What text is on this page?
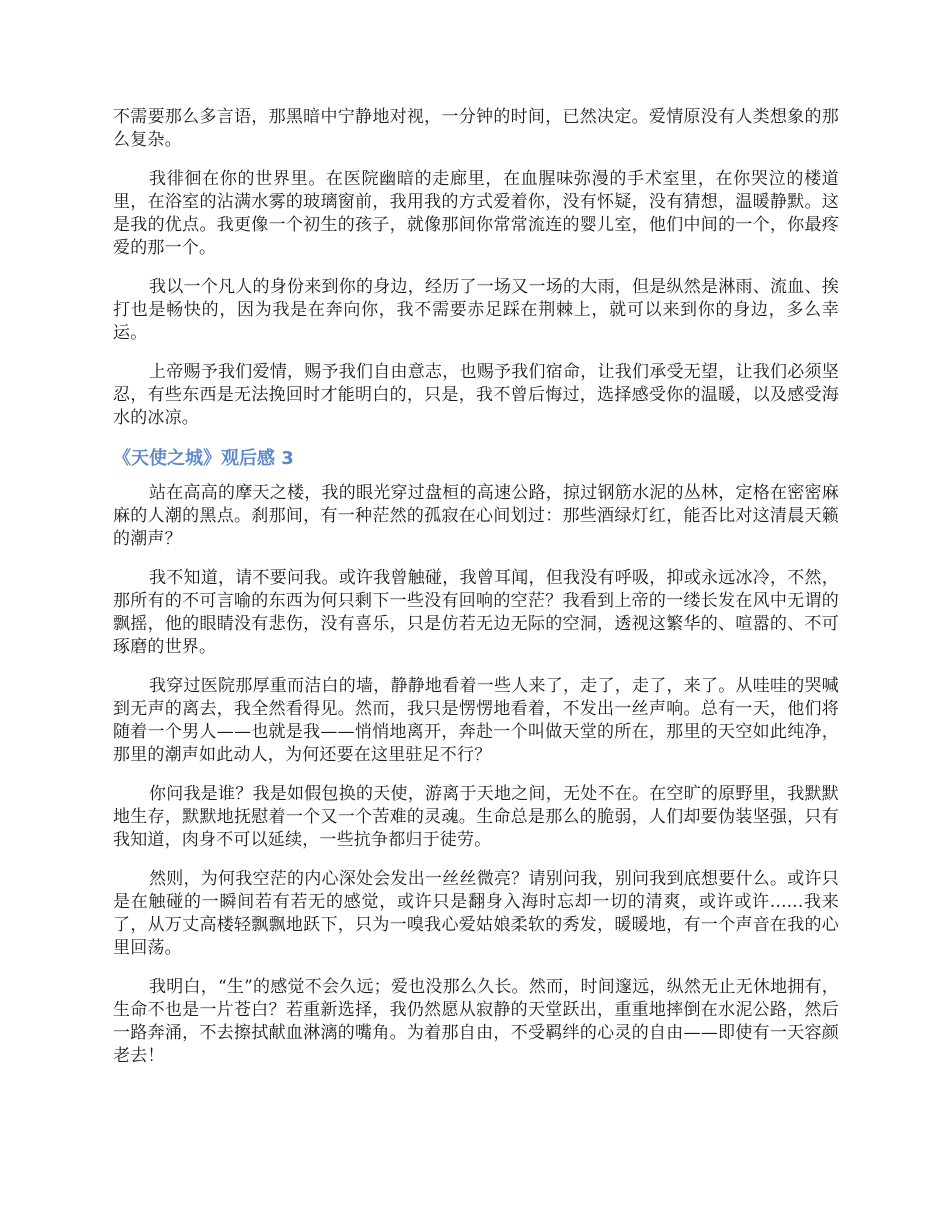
不需要那么多言语，那黑暗中宁静地对视，一分钟的时间，已然决定。爱情原没有人类想象的那么复杂。

我徘徊在你的世界里。在医院幽暗的走廊里，在血腥味弥漫的手术室里，在你哭泣的楼道里，在浴室的沾满水雾的玻璃窗前，我用我的方式爱着你，没有怀疑，没有猜想，温暖静默。这是我的优点。我更像一个初生的孩子，就像那间你常常流连的婴儿室，他们中间的一个，你最疼爱的那一个。

我以一个凡人的身份来到你的身边，经历了一场又一场的大雨，但是纵然是淋雨、流血、挨打也是畅快的，因为我是在奔向你，我不需要赤足踩在荆棘上，就可以来到你的身边，多么幸运。

上帝赐予我们爱情，赐予我们自由意志，也赐予我们宿命，让我们承受无望，让我们必须坚忍，有些东西是无法挽回时才能明白的，只是，我不曾后悔过，选择感受你的温暖，以及感受海水的冰凉。

《天使之城》观后感 3

站在高高的摩天之楼，我的眼光穿过盘桓的高速公路，掠过钢筋水泥的丛林，定格在密密麻麻的人潮的黑点。刹那间，有一种茫然的孤寂在心间划过：那些酒绿灯红，能否比对这清晨天籁的潮声？

我不知道，请不要问我。或许我曾触碰，我曾耳闻，但我没有呼吸，抑或永远冰冷，不然，那所有的不可言喻的东西为何只剩下一些没有回响的空茫？我看到上帝的一缕长发在风中无谓的飘摇，他的眼睛没有悲伤，没有喜乐，只是仿若无边无际的空洞，透视这繁华的、喧嚣的、不可琢磨的世界。

我穿过医院那厚重而洁白的墙，静静地看着一些人来了，走了，走了，来了。从哇哇的哭喊到无声的离去，我全然看得见。然而，我只是愣愣地看着，不发出一丝声响。总有一天，他们将随着一个男人——也就是我——悄悄地离开，奔赴一个叫做天堂的所在，那里的天空如此纯净，那里的潮声如此动人，为何还要在这里驻足不行？

你问我是谁？我是如假包换的天使，游离于天地之间，无处不在。在空旷的原野里，我默默地生存，默默地抚慰着一个又一个苦难的灵魂。生命总是那么的脆弱，人们却要伪装坚强，只有我知道，肉身不可以延续，一些抗争都归于徒劳。

然则，为何我空茫的内心深处会发出一丝丝微亮？请别问我，别问我到底想要什么。或许只是在触碰的一瞬间若有若无的感觉，或许只是翻身入海时忘却一切的清爽，或许或许......我来了，从万丈高楼轻飘飘地跃下，只为一嗅我心爱姑娘柔软的秀发，暖暖地，有一个声音在我的心里回荡。

我明白，“生”的感觉不会久远；爱也没那么久长。然而，时间邃远，纵然无止无休地拥有，生命不也是一片苍白？若重新选择，我仍然愿从寂静的天堂跃出，重重地摔倒在水泥公路，然后一路奔涌，不去擦拭献血淋漓的嘴角。为着那自由，不受羁绊的心灵的自由——即使有一天容颜老去！
